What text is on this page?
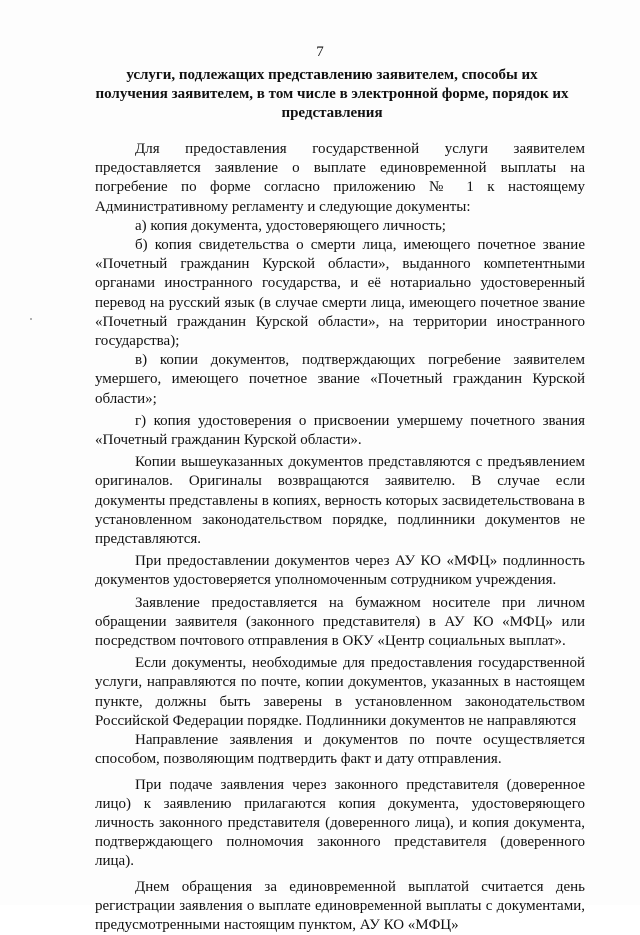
7
услуги, подлежащих представлению заявителем, способы их получения заявителем, в том числе в электронной форме, порядок их представления

Для предоставления государственной услуги заявителем предоставляется заявление о выплате единовременной выплаты на погребение по форме согласно приложению № 1 к настоящему Административному регламенту и следующие документы:

а) копия документа, удостоверяющего личность;

б) копия свидетельства о смерти лица, имеющего почетное звание «Почетный гражданин Курской области», выданного компетентными органами иностранного государства, и её нотариально удостоверенный перевод на русский язык (в случае смерти лица, имеющего почетное звание «Почетный гражданин Курской области», на территории иностранного государства);

в) копии документов, подтверждающих погребение заявителем умершего, имеющего почетное звание «Почетный гражданин Курской области»;

г) копия удостоверения о присвоении умершему почетного звания «Почетный гражданин Курской области».

Копии вышеуказанных документов представляются с предъявлением оригиналов. Оригиналы возвращаются заявителю. В случае если документы представлены в копиях, верность которых засвидетельствована в установленном законодательством порядке, подлинники документов не представляются.

При предоставлении документов через АУ КО «МФЦ» подлинность документов удостоверяется уполномоченным сотрудником учреждения.

Заявление предоставляется на бумажном носителе при личном обращении заявителя (законного представителя) в АУ КО «МФЦ» или посредством почтового отправления в ОКУ «Центр социальных выплат».

Если документы, необходимые для предоставления государственной услуги, направляются по почте, копии документов, указанных в настоящем пункте, должны быть заверены в установленном законодательством Российской Федерации порядке. Подлинники документов не направляются

Направление заявления и документов по почте осуществляется способом, позволяющим подтвердить факт и дату отправления.

При подаче заявления через законного представителя (доверенное лицо) к заявлению прилагаются копия документа, удостоверяющего личность законного представителя (доверенного лица), и копия документа, подтверждающего полномочия законного представителя (доверенного лица).

Днем обращения за единовременной выплатой считается день регистрации заявления о выплате единовременной выплаты с документами, предусмотренными настоящим пунктом, АУ КО «МФЦ»
